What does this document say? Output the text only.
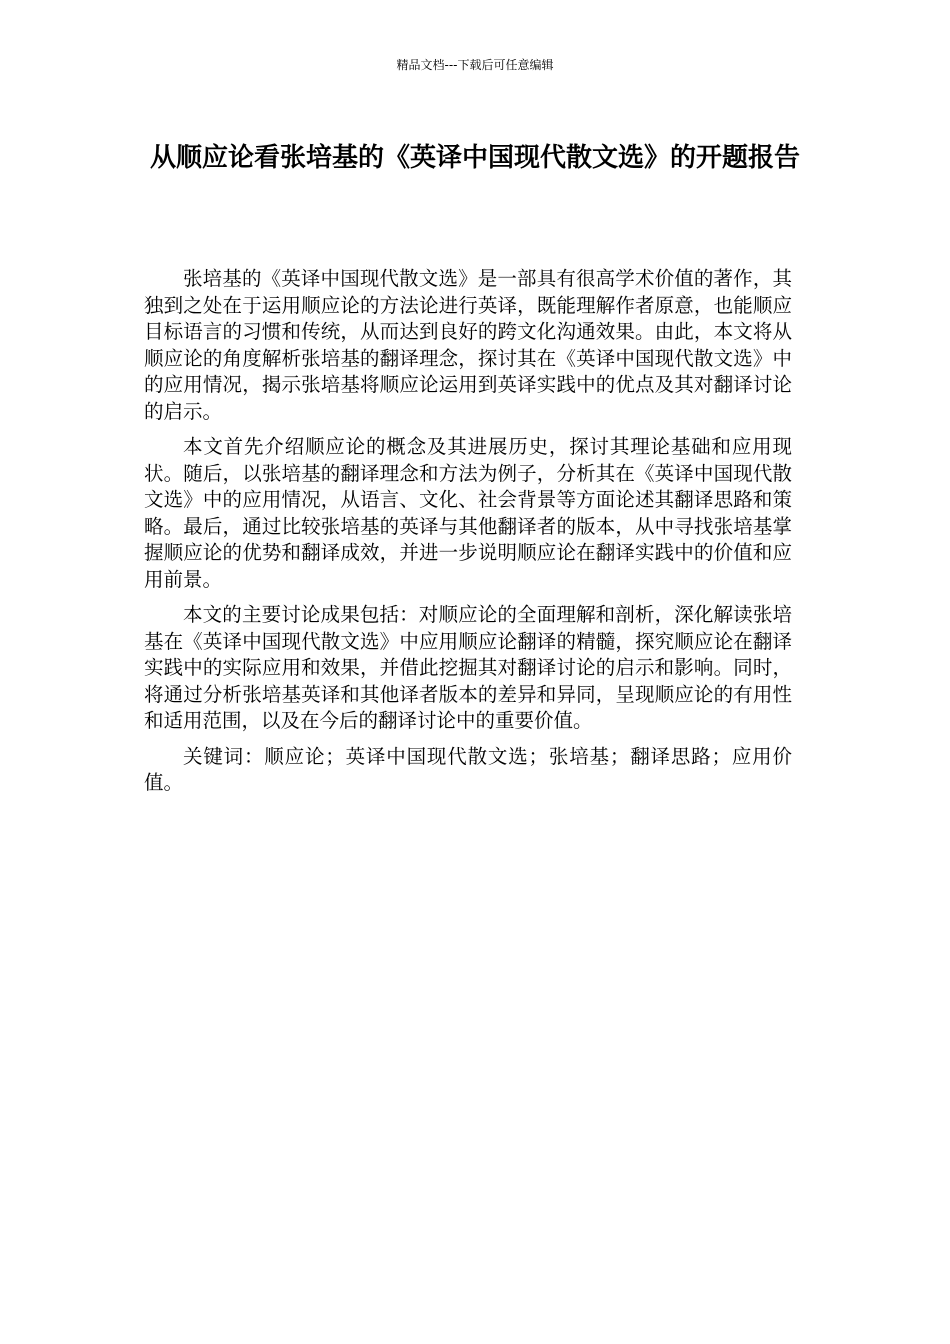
精品文档---下载后可任意编辑
从顺应论看张培基的《英译中国现代散文选》的开题报告

张培基的《英译中国现代散文选》是一部具有很高学术价值的著作，其独到之处在于运用顺应论的方法论进行英译，既能理解作者原意，也能顺应目标语言的习惯和传统，从而达到良好的跨文化沟通效果。由此，本文将从顺应论的角度解析张培基的翻译理念，探讨其在《英译中国现代散文选》中的应用情况，揭示张培基将顺应论运用到英译实践中的优点及其对翻译讨论的启示。

本文首先介绍顺应论的概念及其进展历史，探讨其理论基础和应用现状。随后，以张培基的翻译理念和方法为例子，分析其在《英译中国现代散文选》中的应用情况，从语言、文化、社会背景等方面论述其翻译思路和策略。最后，通过比较张培基的英译与其他翻译者的版本，从中寻找张培基掌握顺应论的优势和翻译成效，并进一步说明顺应论在翻译实践中的价值和应用前景。

本文的主要讨论成果包括：对顺应论的全面理解和剖析，深化解读张培基在《英译中国现代散文选》中应用顺应论翻译的精髓，探究顺应论在翻译实践中的实际应用和效果，并借此挖掘其对翻译讨论的启示和影响。同时，将通过分析张培基英译和其他译者版本的差异和异同，呈现顺应论的有用性和适用范围，以及在今后的翻译讨论中的重要价值。

关键词：顺应论；英译中国现代散文选；张培基；翻译思路；应用价值。
